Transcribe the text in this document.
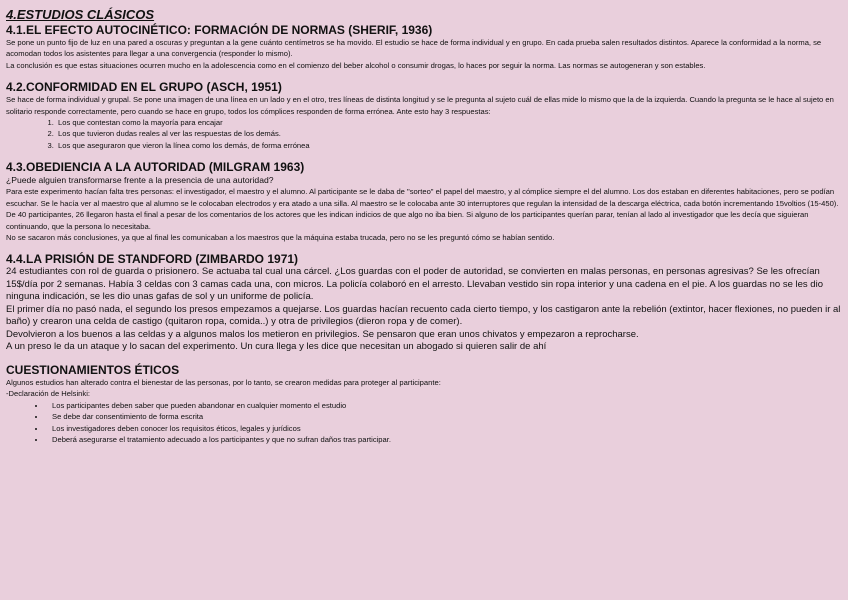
4.ESTUDIOS CLÁSICOS
4.1.EL EFECTO AUTOCINÉTICO: FORMACIÓN DE NORMAS (SHERIF, 1936)

Se pone un punto fijo de luz en una pared a oscuras y preguntan a la gene cuánto centímetros se ha movido. El estudio se hace de forma individual y en grupo. En cada prueba salen resultados distintos. Aparece la conformidad a la norma, se acomodan todos los asistentes para llegar a una convergencia (responder lo mismo).

La conclusión es que estas situaciones ocurren mucho en la adolescencia como en el comienzo del beber alcohol o consumir drogas, lo haces por seguir la norma. Las normas se autogeneran y son estables.

4.2.CONFORMIDAD EN EL GRUPO (ASCH, 1951)

Se hace de forma individual y grupal. Se pone una imagen de una línea en un lado y en el otro, tres líneas de distinta longitud y se le pregunta al sujeto cuál de ellas mide lo mismo que la de la izquierda. Cuando la pregunta se le hace al sujeto en solitario responde correctamente, pero cuando se hace en grupo, todos los cómplices responden de forma errónea. Ante esto hay 3 respuestas:

1. Los que contestan como la mayoría para encajar
2. Los que tuvieron dudas reales al ver las respuestas de los demás.
3. Los que aseguraron que vieron la línea como los demás, de forma errónea
4.3.OBEDIENCIA A LA AUTORIDAD (MILGRAM 1963)

¿Puede alguien transformarse frente a la presencia de una autoridad?

Para este experimento hacían falta tres personas: el investigador, el maestro y el alumno. Al participante se le daba de "sorteo" el papel del maestro, y al cómplice siempre el del alumno. Los dos estaban en diferentes habitaciones, pero se podían escuchar. Se le hacía ver al maestro que al alumno se le colocaban electrodos y era atado a una silla. Al maestro se le colocaba ante 30 interruptores que regulan la intensidad de la descarga eléctrica, cada botón incrementando 15voltios (15-450). De 40 participantes, 26 llegaron hasta el final a pesar de los comentarios de los actores que les indican indicios de que algo no iba bien. Si alguno de los participantes querían parar, tenían al lado al investigador que les decía que siguieran continuando, que la persona lo necesitaba.

No se sacaron más conclusiones, ya que al final les comunicaban a los maestros que la máquina estaba trucada, pero no se les preguntó cómo se habían sentido.

4.4.LA PRISIÓN DE STANDFORD (ZIMBARDO 1971)

24 estudiantes con rol de guarda o prisionero. Se actuaba tal cual una cárcel. ¿Los guardas con el poder de autoridad, se convierten en malas personas, en personas agresivas? Se les ofrecían 15$/día por 2 semanas. Había 3 celdas con 3 camas cada una, con micros. La policía colaboró en el arresto. Llevaban vestido sin ropa interior y una cadena en el pie. A los guardas no se les dio ninguna indicación, se les dio unas gafas de sol y un uniforme de policía.

El primer día no pasó nada, el segundo los presos empezamos a quejarse. Los guardas hacían recuento cada cierto tiempo, y los castigaron ante la rebelión (extintor, hacer flexiones, no pueden ir al baño) y crearon una celda de castigo (quitaron ropa, comida..) y otra de privilegios (dieron ropa y de comer).

Devolvieron a los buenos a las celdas y a algunos malos los metieron en privilegios. Se pensaron que eran unos chivatos y empezaron a reprocharse.

A un preso le da un ataque y lo sacan del experimento. Un cura llega y les dice que necesitan un abogado si quieren salir de ahí

CUESTIONAMIENTOS ÉTICOS

Algunos estudios han alterado contra el bienestar de las personas, por lo tanto, se crearon medidas para proteger al participante:

-Declaración de Helsinki:

• Los participantes deben saber que pueden abandonar en cualquier momento el estudio
• Se debe dar consentimiento de forma escrita
• Los investigadores deben conocer los requisitos éticos, legales y jurídicos
• Deberá asegurarse el tratamiento adecuado a los participantes y que no sufran daños tras participar.
